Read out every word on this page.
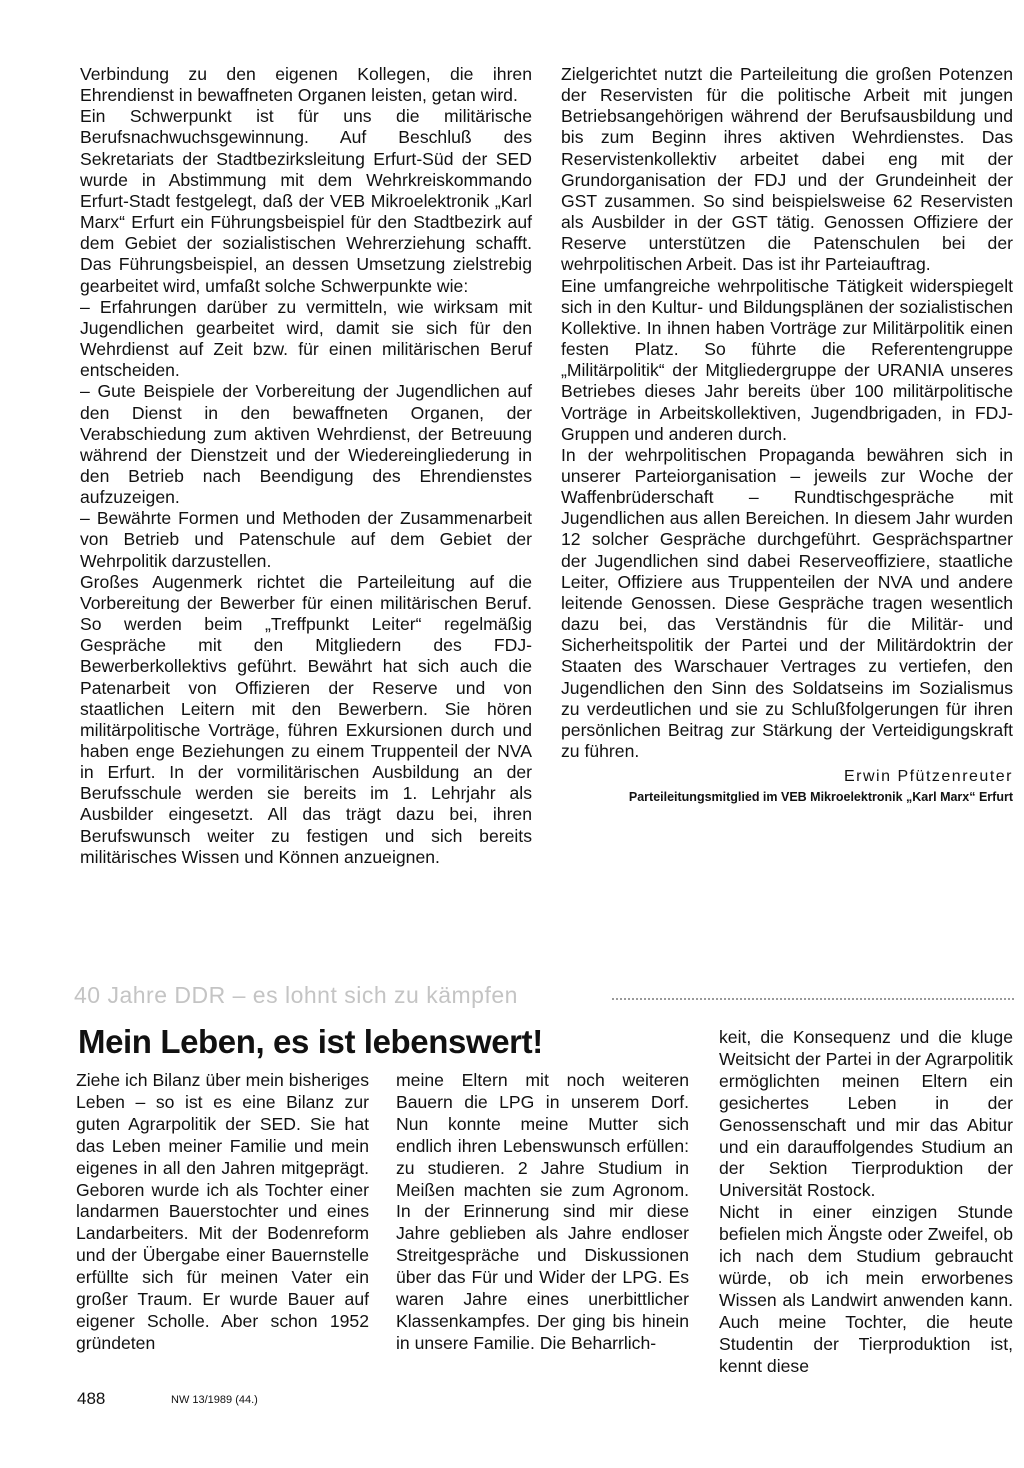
Verbindung zu den eigenen Kollegen, die ihren Ehrendienst in bewaffneten Organen leisten, getan wird.

Ein Schwerpunkt ist für uns die militärische Berufsnachwuchsgewinnung. Auf Beschluß des Sekretariats der Stadtbezirksleitung Erfurt-Süd der SED wurde in Abstimmung mit dem Wehrkreiskommando Erfurt-Stadt festgelegt, daß der VEB Mikroelektronik „Karl Marx“ Erfurt ein Führungsbeispiel für den Stadtbezirk auf dem Gebiet der sozialistischen Wehrerziehung schafft. Das Führungsbeispiel, an dessen Umsetzung zielstrebig gearbeitet wird, umfaßt solche Schwerpunkte wie:

– Erfahrungen darüber zu vermitteln, wie wirksam mit Jugendlichen gearbeitet wird, damit sie sich für den Wehrdienst auf Zeit bzw. für einen militärischen Beruf entscheiden.

– Gute Beispiele der Vorbereitung der Jugendlichen auf den Dienst in den bewaffneten Organen, der Verabschiedung zum aktiven Wehrdienst, der Betreuung während der Dienstzeit und der Wiedereingliederung in den Betrieb nach Beendigung des Ehrendienstes aufzuzeigen.

– Bewährte Formen und Methoden der Zusammenarbeit von Betrieb und Patenschule auf dem Gebiet der Wehrpolitik darzustellen.

Großes Augenmerk richtet die Parteileitung auf die Vorbereitung der Bewerber für einen militärischen Beruf. So werden beim „Treffpunkt Leiter“ regelmäßig Gespräche mit den Mitgliedern des FDJ-Bewerberkollektivs geführt. Bewährt hat sich auch die Patenarbeit von Offizieren der Reserve und von staatlichen Leitern mit den Bewerbern. Sie hören militärpolitische Vorträge, führen Exkursionen durch und haben enge Beziehungen zu einem Truppenteil der NVA in Erfurt. In der vormilitärischen Ausbildung an der Berufsschule werden sie bereits im 1. Lehrjahr als Ausbilder eingesetzt. All das trägt dazu bei, ihren Berufswunsch weiter zu festigen und sich bereits militärisches Wissen und Können anzueignen.

Zielgerichtet nutzt die Parteileitung die großen Potenzen der Reservisten für die politische Arbeit mit jungen Betriebsangehörigen während der Berufsausbildung und bis zum Beginn ihres aktiven Wehrdienstes. Das Reservistenkollektiv arbeitet dabei eng mit der Grundorganisation der FDJ und der Grundeinheit der GST zusammen. So sind beispielsweise 62 Reservisten als Ausbilder in der GST tätig. Genossen Offiziere der Reserve unterstützen die Patenschulen bei der wehrpolitischen Arbeit. Das ist ihr Parteiauftrag.

Eine umfangreiche wehrpolitische Tätigkeit widerspiegelt sich in den Kultur- und Bildungsplänen der sozialistischen Kollektive. In ihnen haben Vorträge zur Militärpolitik einen festen Platz. So führte die Referentengruppe „Militärpolitik“ der Mitgliedergruppe der URANIA unseres Betriebes dieses Jahr bereits über 100 militärpolitische Vorträge in Arbeitskollektiven, Jugendbrigaden, in FDJ-Gruppen und anderen durch.

In der wehrpolitischen Propaganda bewähren sich in unserer Parteiorganisation – jeweils zur Woche der Waffenbrüderschaft – Rundtischgespräche mit Jugendlichen aus allen Bereichen. In diesem Jahr wurden 12 solcher Gespräche durchgeführt. Gesprächspartner der Jugendlichen sind dabei Reserveoffiziere, staatliche Leiter, Offiziere aus Truppenteilen der NVA und andere leitende Genossen. Diese Gespräche tragen wesentlich dazu bei, das Verständnis für die Militär- und Sicherheitspolitik der Partei und der Militärdoktrin der Staaten des Warschauer Vertrages zu vertiefen, den Jugendlichen den Sinn des Soldatseins im Sozialismus zu verdeutlichen und sie zu Schlußfolgerungen für ihren persönlichen Beitrag zur Stärkung der Verteidigungskraft zu führen.

Erwin Pfützenreuter

Parteileitungsmitglied im VEB Mikroelektronik „Karl Marx“ Erfurt

40 Jahre DDR – es lohnt sich zu kämpfen
Mein Leben, es ist lebenswert!

Ziehe ich Bilanz über mein bisheriges Leben – so ist es eine Bilanz zur guten Agrarpolitik der SED. Sie hat das Leben meiner Familie und mein eigenes in all den Jahren mitgeprägt. Geboren wurde ich als Tochter einer landarmen Bauerstochter und eines Landarbeiters. Mit der Bodenreform und der Übergabe einer Bauernstelle erfüllte sich für meinen Vater ein großer Traum. Er wurde Bauer auf eigener Scholle. Aber schon 1952 gründeten

meine Eltern mit noch weiteren Bauern die LPG in unserem Dorf. Nun konnte meine Mutter sich endlich ihren Lebenswunsch erfüllen: zu studieren. 2 Jahre Studium in Meißen machten sie zum Agronom. In der Erinnerung sind mir diese Jahre geblieben als Jahre endloser Streitgespräche und Diskussionen über das Für und Wider der LPG. Es waren Jahre eines unerbittlicher Klassenkampfes. Der ging bis hinein in unsere Familie. Die Beharrlich-

keit, die Konsequenz und die kluge Weitsicht der Partei in der Agrarpolitik ermöglichten meinen Eltern ein gesichertes Leben in der Genossenschaft und mir das Abitur und ein darauffolgendes Studium an der Sektion Tierproduktion der Universität Rostock.

Nicht in einer einzigen Stunde befielen mich Ängste oder Zweifel, ob ich nach dem Studium gebraucht würde, ob ich mein erworbenes Wissen als Landwirt anwenden kann. Auch meine Tochter, die heute Studentin der Tierproduktion ist, kennt diese

488	NW 13/1989 (44.)
